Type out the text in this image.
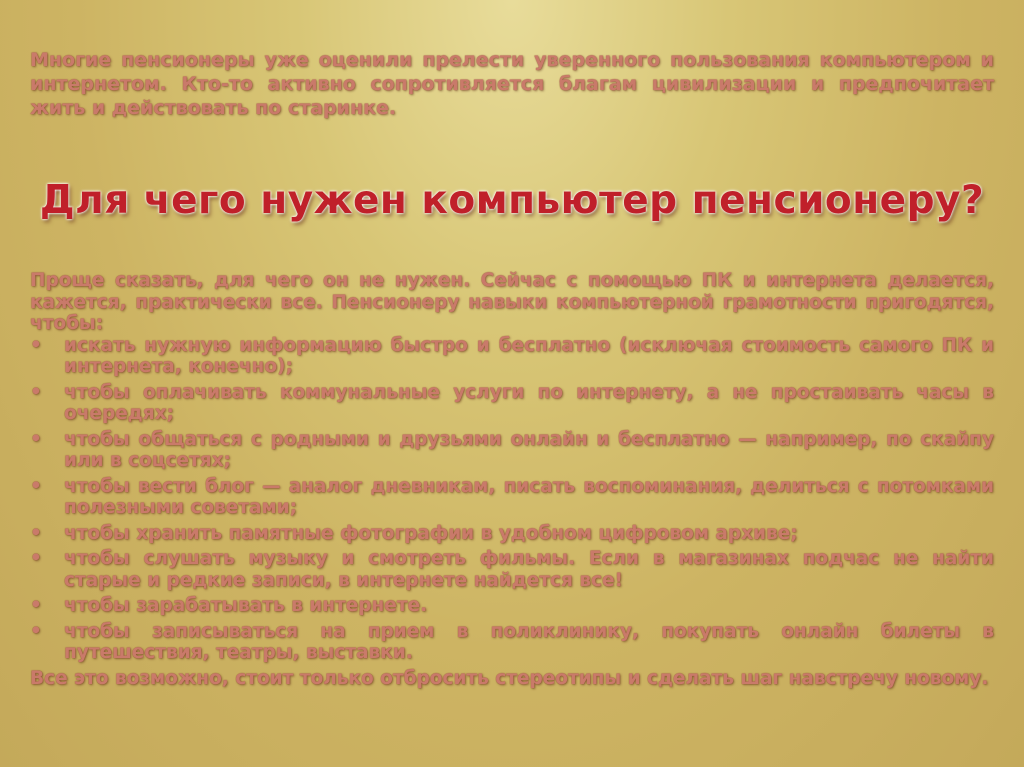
Многие пенсионеры уже оценили прелести уверенного пользования компьютером и интернетом. Кто-то активно сопротивляется благам цивилизации и предпочитает жить и действовать по старинке.
Для чего нужен компьютер пенсионеру?

Проще сказать, для чего он не нужен. Сейчас с помощью ПК и интернета делается, кажется, практически все. Пенсионеру навыки компьютерной грамотности пригодятся, чтобы:

•	искать нужную информацию быстро и бесплатно (исключая стоимость самого ПК и интернета, конечно);
•	чтобы оплачивать коммунальные услуги по интернету, а не простаивать часы в очередях;
•	чтобы общаться с родными и друзьями онлайн и бесплатно — например, по скайпу или в соцсетях;
•	чтобы вести блог — аналог дневникам, писать воспоминания, делиться с потомками полезными советами;
•	чтобы хранить памятные фотографии в удобном цифровом архиве;
•	чтобы слушать музыку и смотреть фильмы. Если в магазинах подчас не найти старые и редкие записи, в интернете найдется все!
•	чтобы зарабатывать в интернете.
•	чтобы записываться на прием в поликлинику, покупать онлайн билеты в путешествия, театры, выставки.

Все это возможно, стоит только отбросить стереотипы и сделать шаг навстречу новому.
